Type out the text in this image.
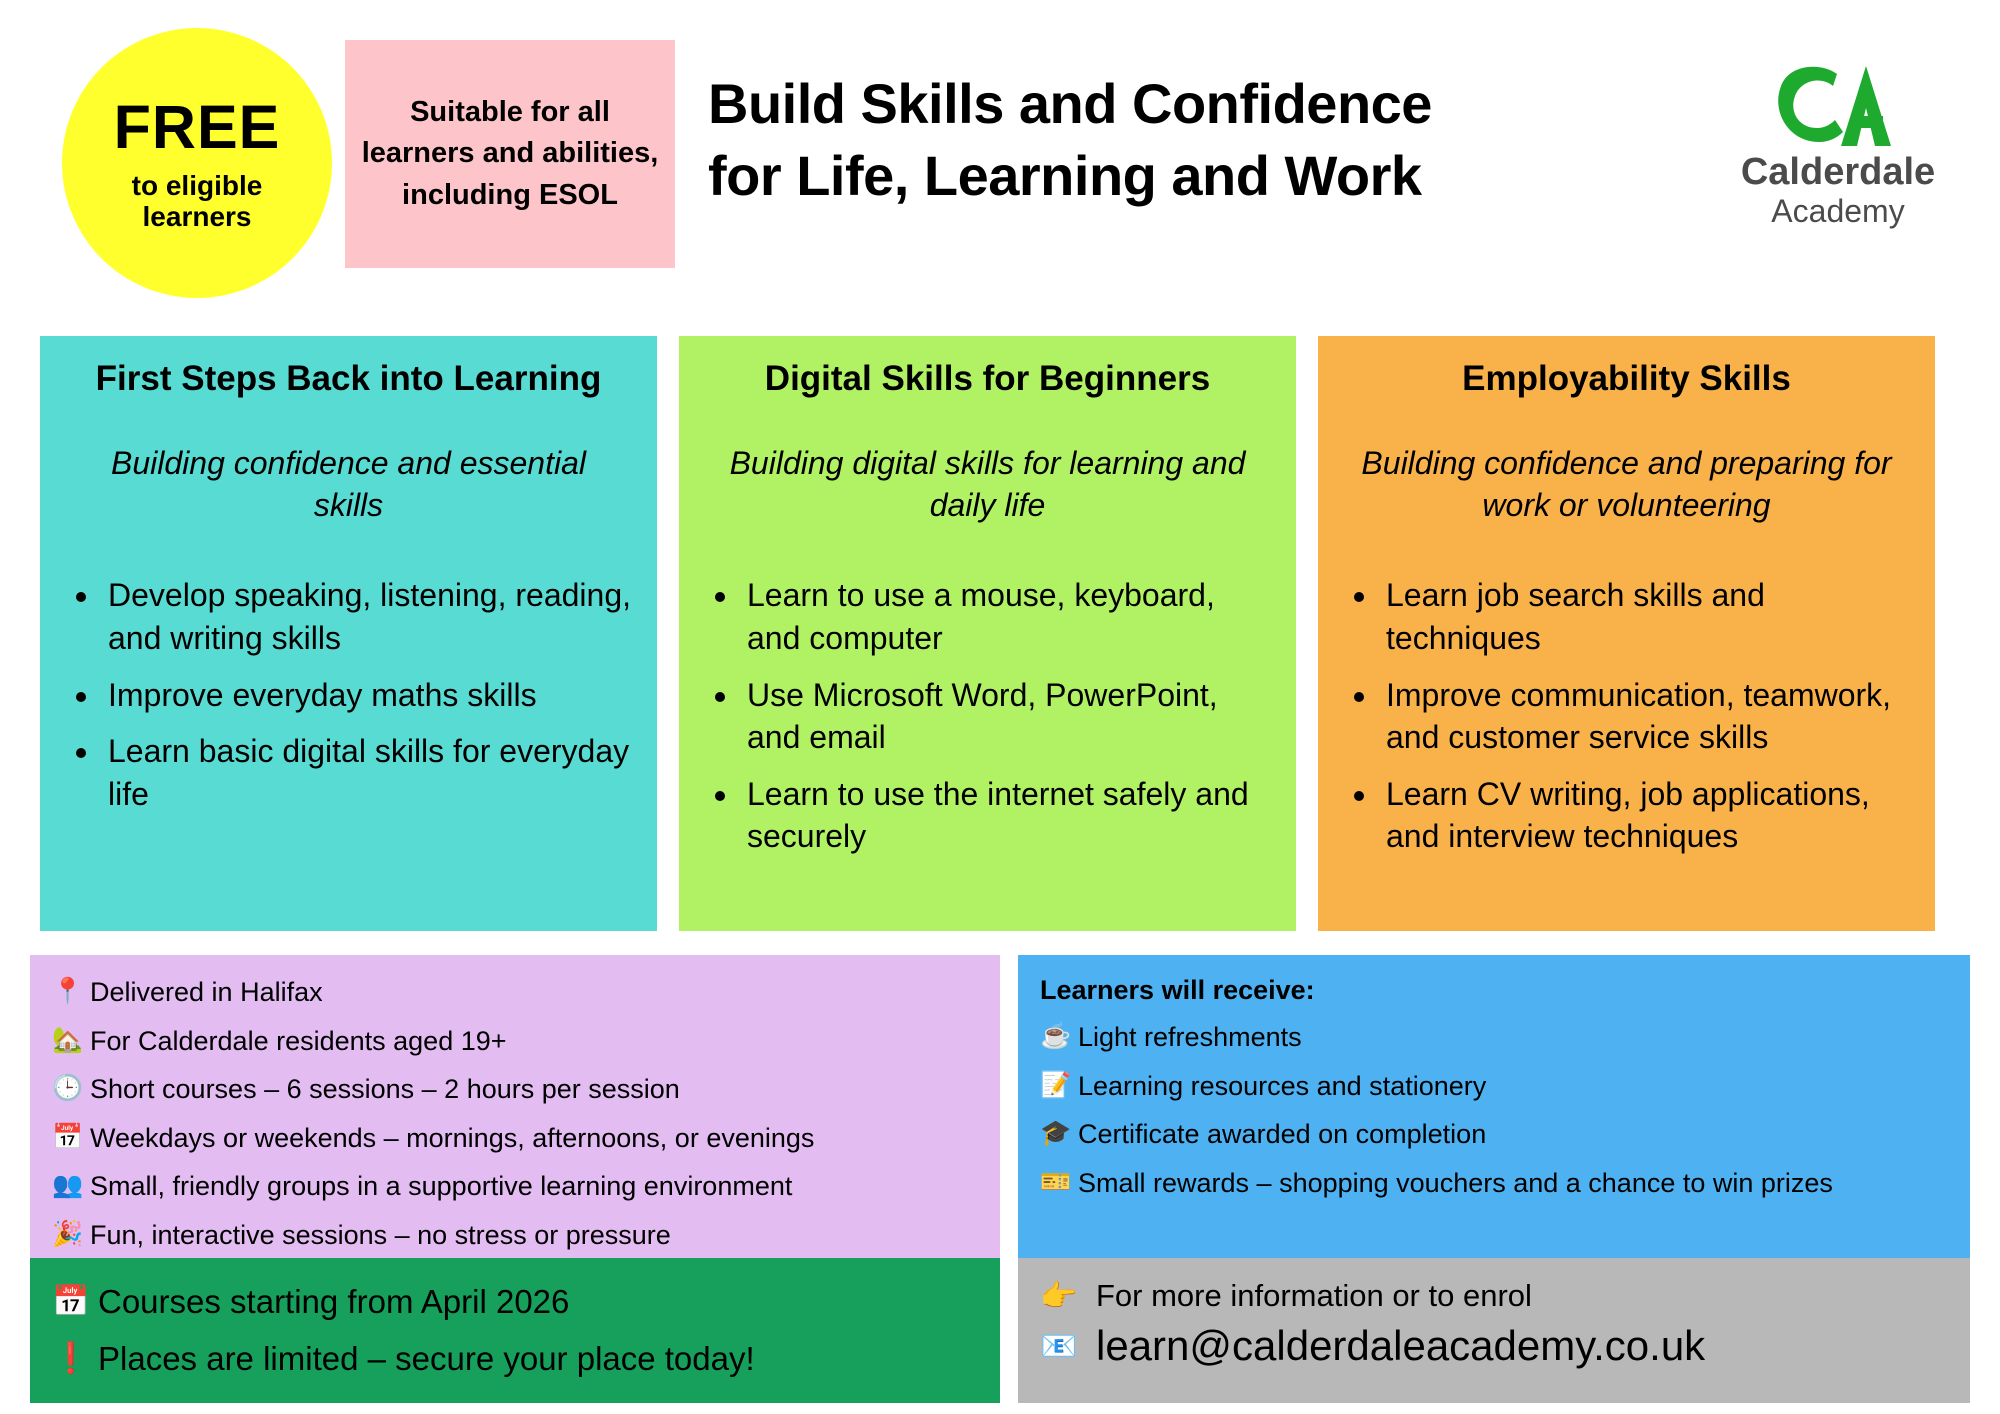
FREE
to eligible learners
Suitable for all learners and abilities, including ESOL
Build Skills and Confidence
for Life, Learning and Work	Calderdale
Academy
First Steps Back into Learning
Building confidence and essential skills
• Develop speaking, listening, reading, and writing skills
• Improve everyday maths skills
• Learn basic digital skills for everyday life
Digital Skills for Beginners
Building digital skills for learning and daily life
• Learn to use a mouse, keyboard, and computer
• Use Microsoft Word, PowerPoint, and email
• Learn to use the internet safely and securely
Employability Skills
Building confidence and preparing for work or volunteering
• Learn job search skills and techniques
• Improve communication, teamwork, and customer service skills
• Learn CV writing, job applications, and interview techniques
📍 Delivered in Halifax
🏡 For Calderdale residents aged 19+
🕒 Short courses – 6 sessions – 2 hours per session
📅 Weekdays or weekends – mornings, afternoons, or evenings
👥 Small, friendly groups in a supportive learning environment
🎉 Fun, interactive sessions – no stress or pressure
Learners will receive:
☕ Light refreshments
📝 Learning resources and stationery
🎓 Certificate awarded on completion
🎫 Small rewards – shopping vouchers and a chance to win prizes
📅 Courses starting from April 2026
❗ Places are limited – secure your place today!
👉 For more information or to enrol
📧 learn@calderdaleacademy.co.uk
